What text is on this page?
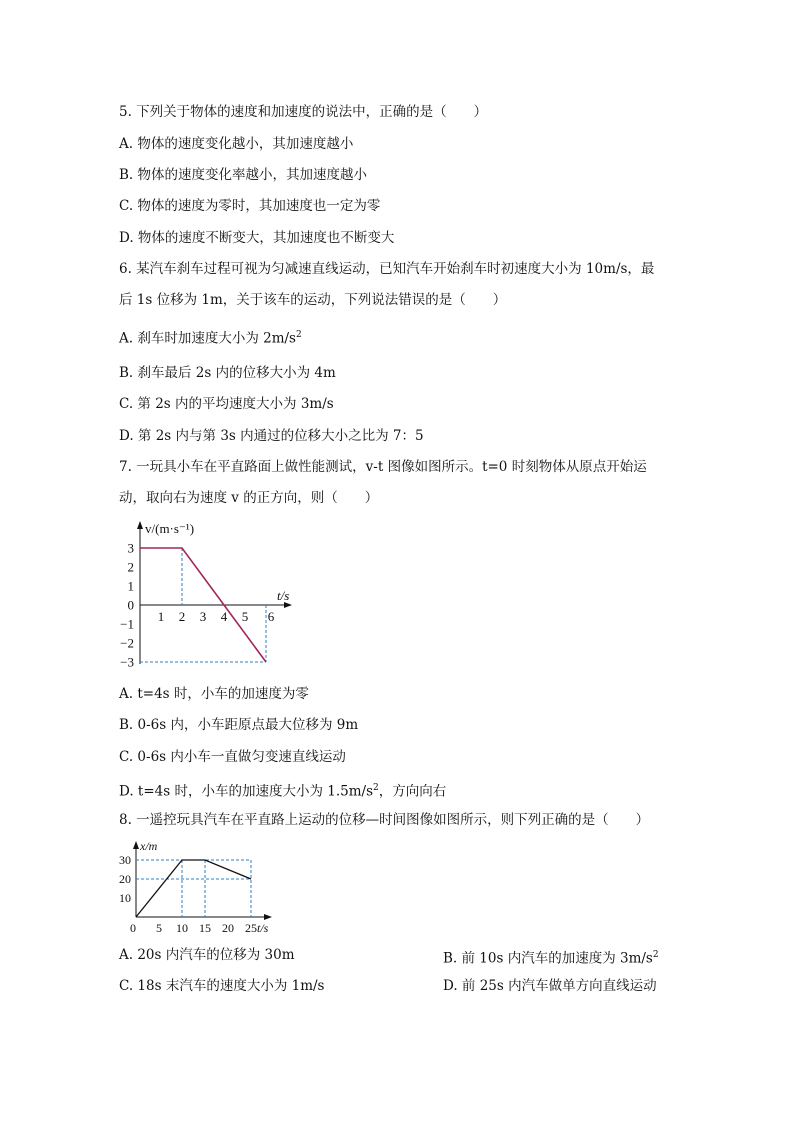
5. 下列关于物体的速度和加速度的说法中，正确的是（　　）
A. 物体的速度变化越小，其加速度越小
B. 物体的速度变化率越小，其加速度越小
C. 物体的速度为零时，其加速度也一定为零
D. 物体的速度不断变大，其加速度也不断变大
6. 某汽车刹车过程可视为匀减速直线运动，已知汽车开始刹车时初速度大小为 10m/s，最
后 1s 位移为 1m，关于该车的运动，下列说法错误的是（　　）
A. 刹车时加速度大小为 $2m/s^2$
B. 刹车最后 2s 内的位移大小为 4m
C. 第 2s 内的平均速度大小为 3m/s
D. 第 2s 内与第 3s 内通过的位移大小之比为 7：5
7. 一玩具小车在平直路面上做性能测试，v-t 图像如图所示。t=0 时刻物体从原点开始运
动，取向右为速度 v 的正方向，则（　　）
v/(m·s⁻¹)
t/s
3
2
1
0
−1
−2
−3
1 2 3 4 5 6
A. t=4s 时，小车的加速度为零
B. 0-6s 内，小车距原点最大位移为 9m
C. 0-6s 内小车一直做匀变速直线运动
D. t=4s 时，小车的加速度大小为 $1.5m/s^2$，方向向右
8. 一遥控玩具汽车在平直路上运动的位移—时间图像如图所示，则下列正确的是（　　）
x/m
t/s
30
20
10
0 5 10 15 20 25
A. 20s 内汽车的位移为 30m	B. 前 10s 内汽车的加速度为 $3m/s^2$
C. 18s 末汽车的速度大小为 1m/s	D. 前 25s 内汽车做单方向直线运动
